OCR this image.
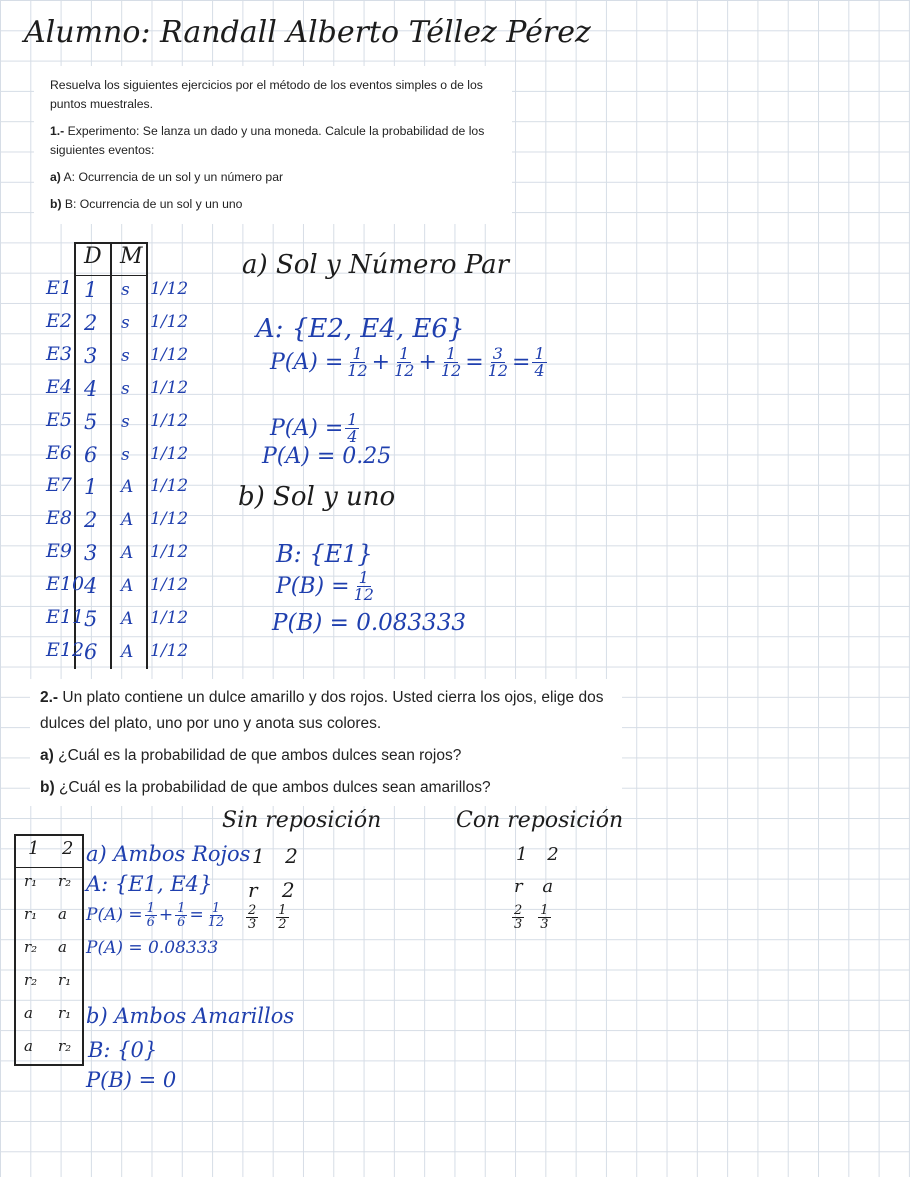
Alumno: Randall Alberto Téllez Pérez

Resuelva los siguientes ejercicios por el método de los eventos simples o de los puntos muestrales.

1.- Experimento: Se lanza un dado y una moneda. Calcule la probabilidad de los siguientes eventos:

a) A: Ocurrencia de un sol y un número par

b) B: Ocurrencia de un sol y un uno

D M
1 s
2 s
3 s
4 s
5 s
6 s
1 A
2 A
3 A
4 A
5 A
6 A
E1
E2
E3
E4
E5
E6
E7
E8
E9
E10
E11
E12
1/12
1/12
1/12
1/12
1/12
1/12
1/12
1/12
1/12
1/12
1/12
1/12
a) Sol y Número Par
A: {E2, E4, E6}
$P(A) = \frac{1}{12} + \frac{1}{12} + \frac{1}{12} = \frac{3}{12} = \frac{1}{4}$
$P(A) = \frac{1}{4}$
P(A) = 0.25
b) Sol y uno
B: {E1}
$P(B) = \frac{1}{12}$
P(B) = 0.083333

2.- Un plato contiene un dulce amarillo y dos rojos. Usted cierra los ojos, elige dos dulces del plato, uno por uno y anota sus colores.

a) ¿Cuál es la probabilidad de que ambos dulces sean rojos?

b) ¿Cuál es la probabilidad de que ambos dulces sean amarillos?

Sin reposición
1 2
r 2
$\frac{2}{3} \frac{1}{2}$
Con reposición
1 2
r a
$\frac{2}{3} \frac{1}{3}$
1 2
r₁ r₂
r₁ a
r₂ a
r₂ r₁
a r₁
a r₂
a) Ambos Rojos
A: {E1, E4}
$P(A) = \frac{1}{6} + \frac{1}{6} = \frac{1}{12}$
P(A) = 0.08333
b) Ambos Amarillos
B: {0}
P(B) = 0
